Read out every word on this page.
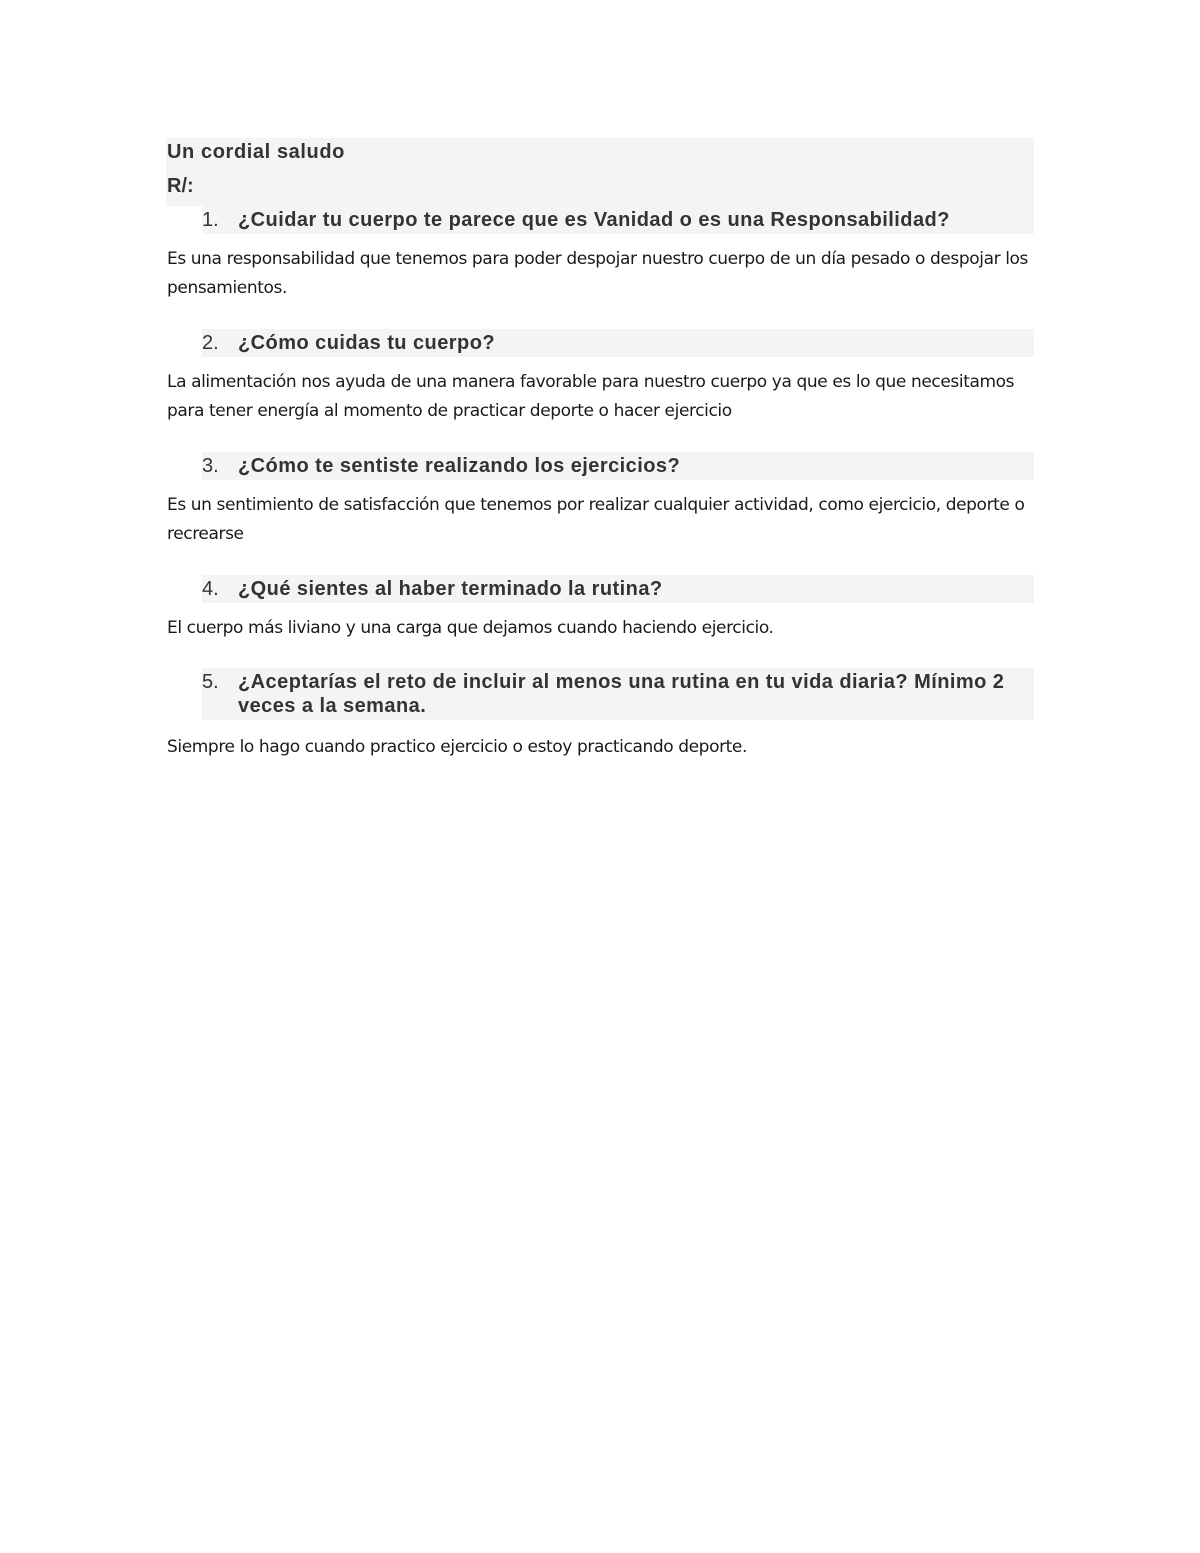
Un cordial saludo

R/:

1. ¿Cuidar tu cuerpo te parece que es Vanidad o es una Responsabilidad?

Es una responsabilidad que tenemos para poder despojar nuestro cuerpo de un día pesado o despojar los pensamientos.

2. ¿Cómo cuidas tu cuerpo?

La alimentación nos ayuda de una manera favorable para nuestro cuerpo ya que es lo que necesitamos para tener energía al momento de practicar deporte o hacer ejercicio

3. ¿Cómo te sentiste realizando los ejercicios?

Es un sentimiento de satisfacción que tenemos por realizar cualquier actividad, como ejercicio, deporte o recrearse

4. ¿Qué sientes al haber terminado la rutina?

El cuerpo más liviano y una carga que dejamos cuando haciendo ejercicio.

5. ¿Aceptarías el reto de incluir al menos una rutina en tu vida diaria? Mínimo 2 veces a la semana.

Siempre lo hago cuando practico ejercicio o estoy practicando deporte.
